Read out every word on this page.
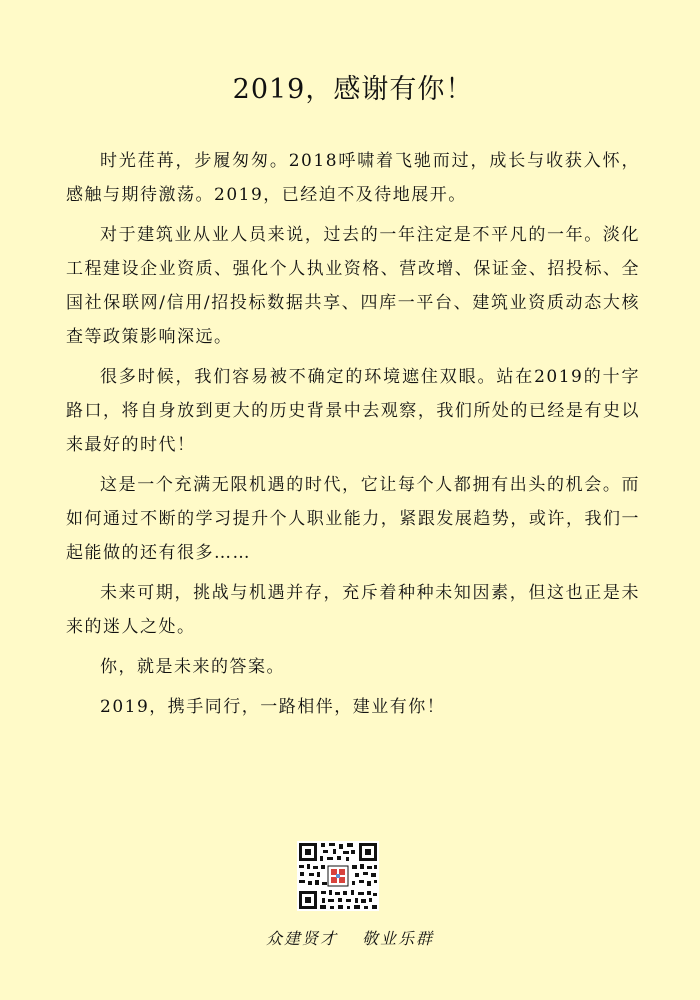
2019，感谢有你！

时光荏苒，步履匆匆。2018呼啸着飞驰而过，成长与收获入怀，感触与期待激荡。2019，已经迫不及待地展开。

对于建筑业从业人员来说，过去的一年注定是不平凡的一年。淡化工程建设企业资质、强化个人执业资格、营改增、保证金、招投标、全国社保联网/信用/招投标数据共享、四库一平台、建筑业资质动态大核查等政策影响深远。

很多时候，我们容易被不确定的环境遮住双眼。站在2019的十字路口，将自身放到更大的历史背景中去观察，我们所处的已经是有史以来最好的时代！

这是一个充满无限机遇的时代，它让每个人都拥有出头的机会。而如何通过不断的学习提升个人职业能力，紧跟发展趋势，或许，我们一起能做的还有很多……

未来可期，挑战与机遇并存，充斥着种种未知因素，但这也正是未来的迷人之处。

你，就是未来的答案。

2019，携手同行，一路相伴，建业有你！

众建贤才 敬业乐群
